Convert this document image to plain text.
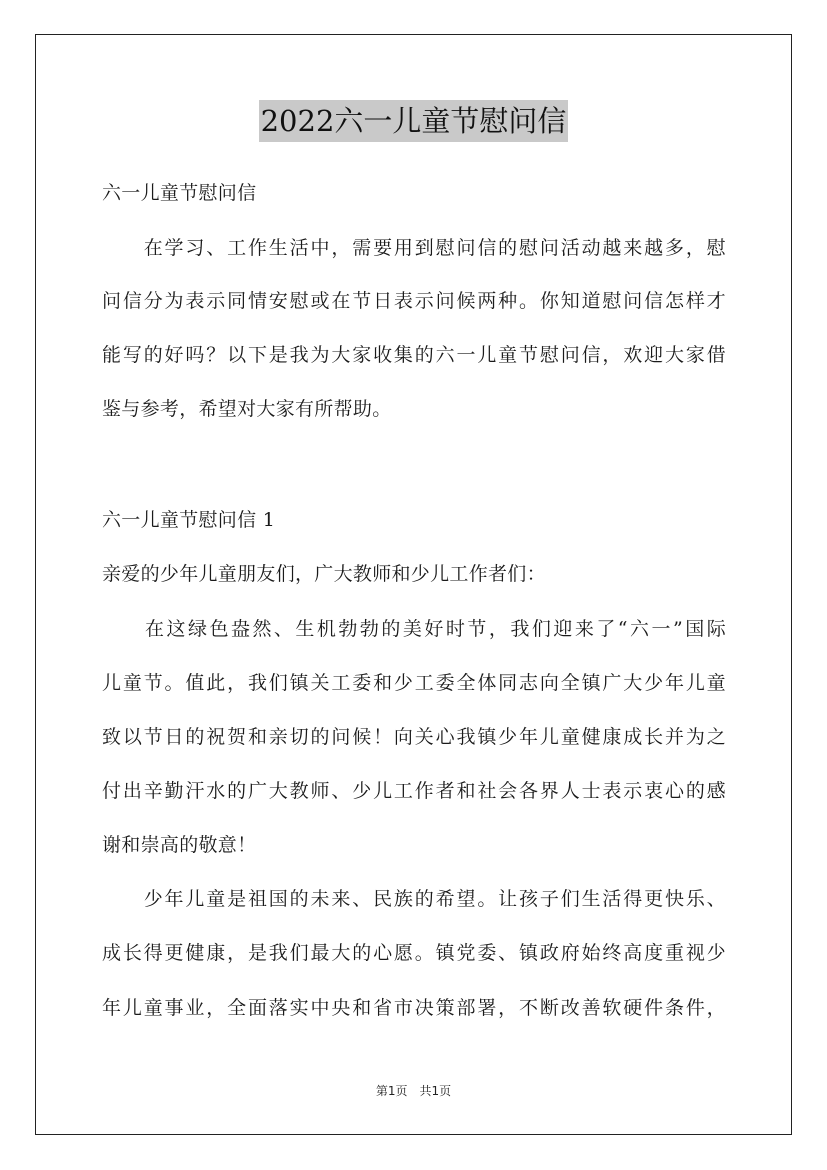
2022六一儿童节慰问信
六一儿童节慰问信
　　在学习、工作生活中，需要用到慰问信的慰问活动越来越多，慰
问信分为表示同情安慰或在节日表示问候两种。你知道慰问信怎样才
能写的好吗？以下是我为大家收集的六一儿童节慰问信，欢迎大家借
鉴与参考，希望对大家有所帮助。
六一儿童节慰问信 1
亲爱的少年儿童朋友们，广大教师和少儿工作者们：
　　在这绿色盎然、生机勃勃的美好时节，我们迎来了“六一”国际
儿童节。值此，我们镇关工委和少工委全体同志向全镇广大少年儿童
致以节日的祝贺和亲切的问候！向关心我镇少年儿童健康成长并为之
付出辛勤汗水的广大教师、少儿工作者和社会各界人士表示衷心的感
谢和崇高的敬意！
　　少年儿童是祖国的未来、民族的希望。让孩子们生活得更快乐、
成长得更健康，是我们最大的心愿。镇党委、镇政府始终高度重视少
年儿童事业，全面落实中央和省市决策部署，不断改善软硬件条件，
第1页　共1页
